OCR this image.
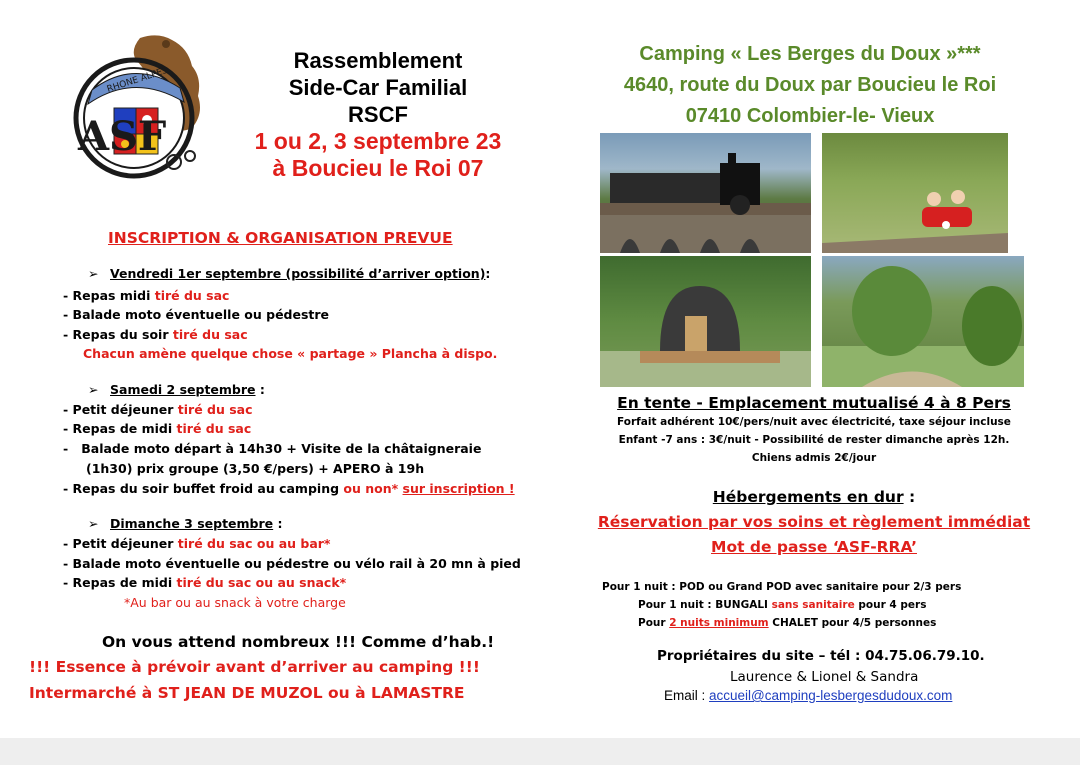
RHONE ALPES
ASF
Rassemblement
Side-Car Familial
RSCF
1 ou 2, 3 septembre 23
à Boucieu le Roi 07
INSCRIPTION & ORGANISATION PREVUE
➢ Vendredi 1er septembre (possibilité d’arriver option):
- Repas midi tiré du sac
- Balade moto éventuelle ou pédestre
- Repas du soir tiré du sac
Chacun amène quelque chose « partage » Plancha à dispo.
➢ Samedi 2 septembre :
- Petit déjeuner tiré du sac
- Repas de midi tiré du sac
-   Balade moto départ à 14h30 + Visite de la châtaigneraie
(1h30) prix groupe (3,50 €/pers) + APERO à 19h
- Repas du soir buffet froid au camping ou non* sur inscription !
➢ Dimanche 3 septembre :
- Petit déjeuner tiré du sac ou au bar*
- Balade moto éventuelle ou pédestre ou vélo rail à 20 mn à pied
- Repas de midi tiré du sac ou au snack*
*Au bar ou au snack à votre charge
On vous attend nombreux !!! Comme d’hab.!
!!! Essence à prévoir avant d’arriver au camping !!!
Intermarché à ST JEAN DE MUZOL ou à LAMASTRE
Camping « Les Berges du Doux »***
4640, route du Doux par Boucieu le Roi
07410 Colombier-le- Vieux
En tente - Emplacement mutualisé 4 à 8 Pers
Forfait adhérent 10€/pers/nuit avec électricité, taxe séjour incluse
Enfant -7 ans : 3€/nuit - Possibilité de rester dimanche après 12h.
Chiens admis 2€/jour
Hébergements en dur :
Réservation par vos soins et règlement immédiat
Mot de passe ‘ASF-RRA’
Pour 1 nuit : POD ou Grand POD avec sanitaire pour 2/3 pers
Pour 1 nuit : BUNGALI sans sanitaire pour 4 pers
Pour 2 nuits minimum CHALET pour 4/5 personnes
Propriétaires du site – tél : 04.75.06.79.10.
Laurence & Lionel & Sandra
Email : accueil@camping-lesbergesdudoux.com
